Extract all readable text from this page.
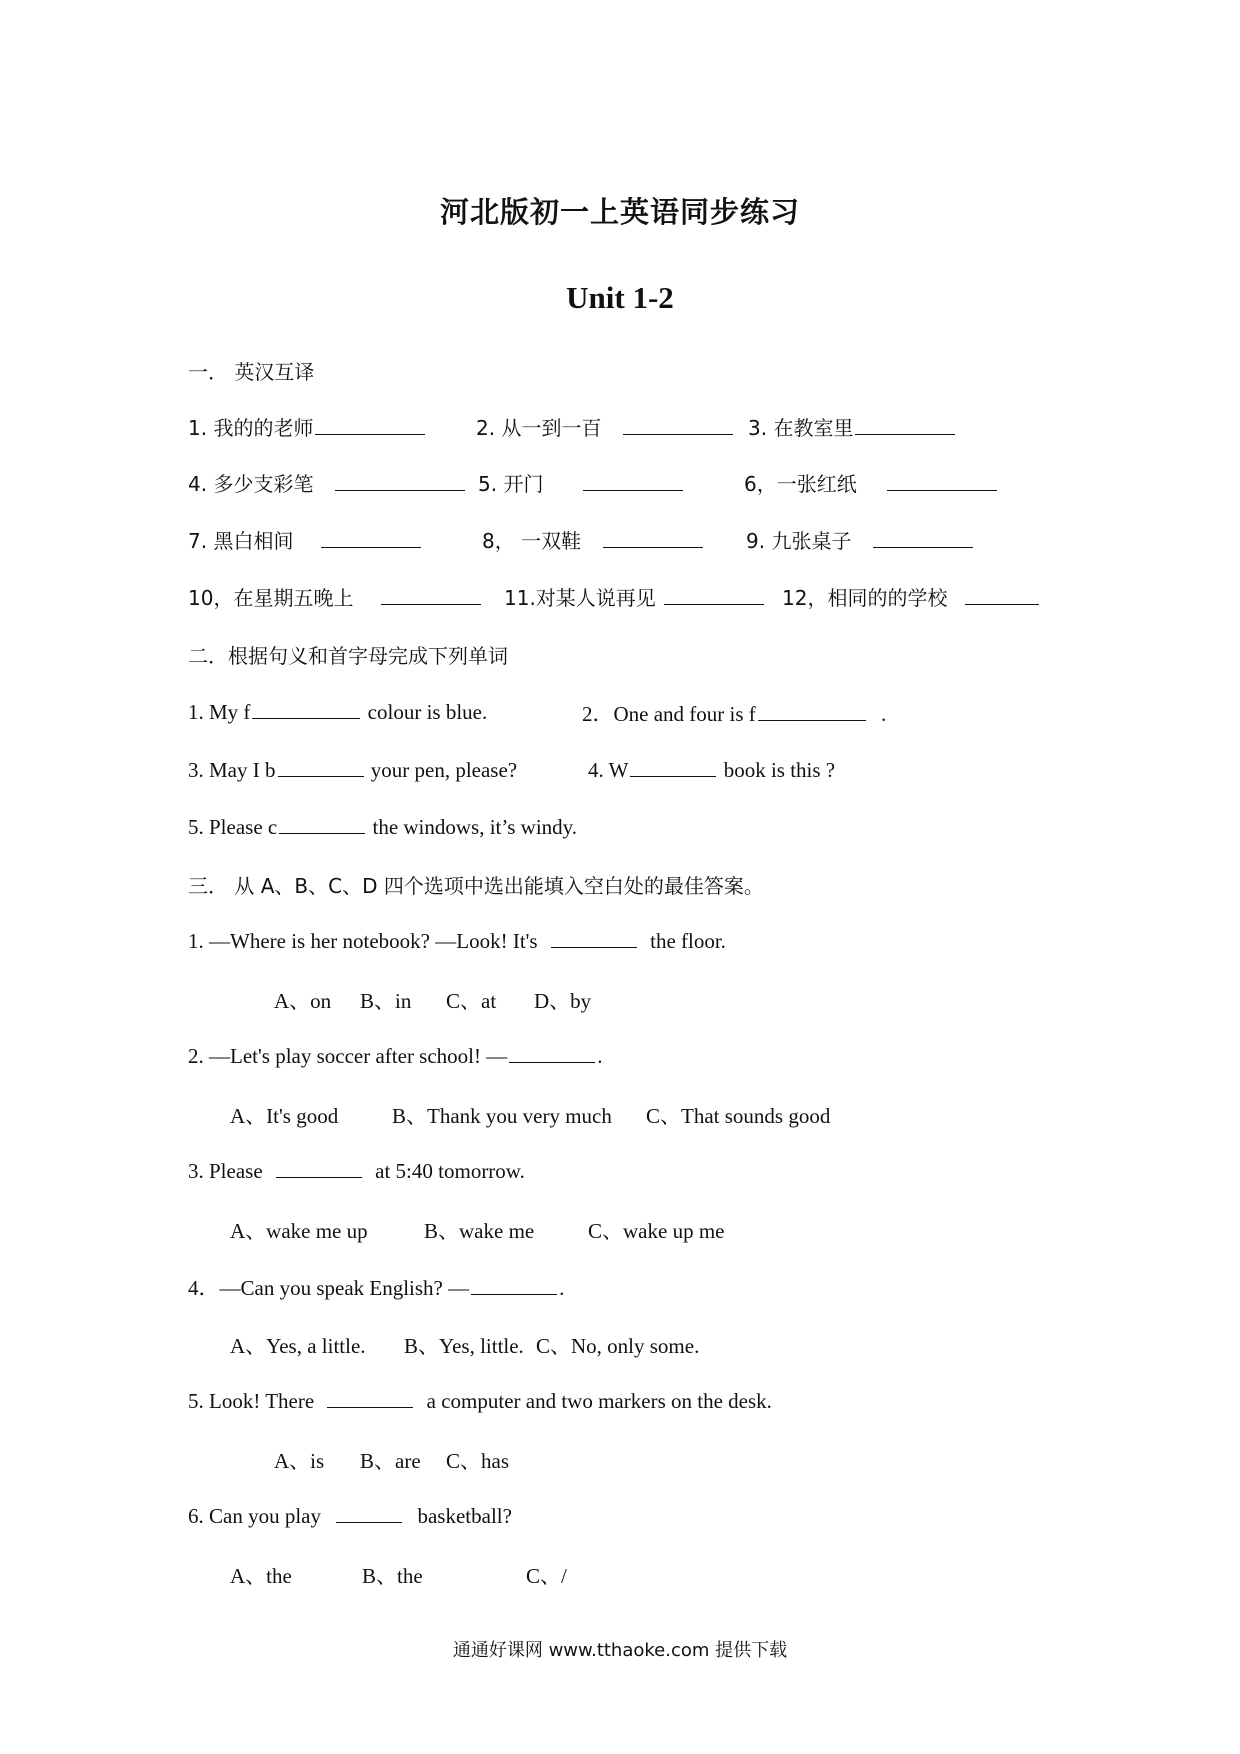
河北版初一上英语同步练习
Unit 1-2
一． 英汉互译
1. 我的的老师	2. 从一到一百	3. 在教室里
4. 多少支彩笔	5. 开门	6，一张红纸
7. 黑白相间	8， 一双鞋	9. 九张桌子
10，在星期五晚上	11.对某人说再见	12，相同的的学校
二．根据句义和首字母完成下列单词
1. My f	colour is blue.	2．One and four is f	.
3. May I b	your pen, please?	4. W	book is this ?
5. Please c	the windows, it’s windy.
三． 从 A、B、C、D 四个选项中选出能填入空白处的最佳答案。
1. —Where is her notebook? —Look! It's	the floor.
A、on B、in C、at D、by
2. —Let's play soccer after school! —	.
A、It's good	B、Thank you very much C、That sounds good
3. Please	at 5:40 tomorrow.
A、wake me up	B、wake me	C、wake up me
4．—Can you speak English? —	.
A、Yes, a little. B、Yes, little. C、No, only some.
5. Look! There	a computer and two markers on the desk.
A、is B、are C、has
6. Can you play	basketball?
A、the	B、the	C、/
通通好课网 www.tthaoke.com 提供下载
